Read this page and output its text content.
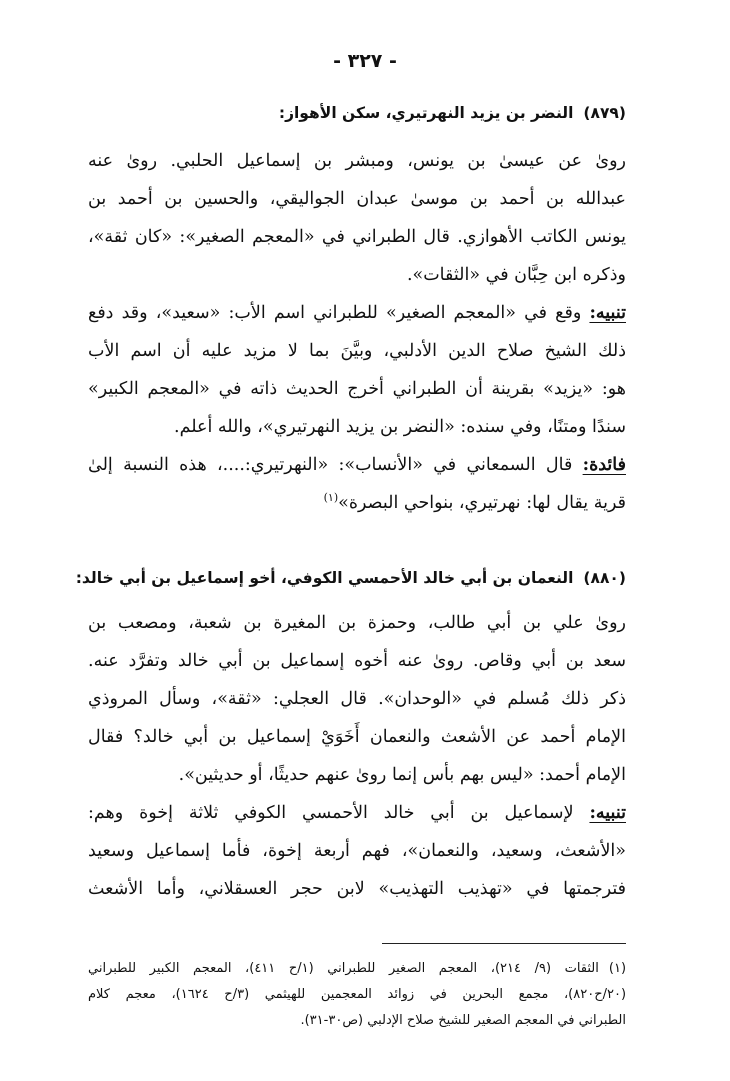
- ٣٢٧ -
(٨٧٩)النضر بن يزيد النهرتيري، سكن الأهواز:
روىٰ عن عيسىٰ بن يونس، ومبشر بن إسماعيل الحلبي. روىٰ عنه
عبدالله بن أحمد بن موسىٰ عبدان الجواليقي، والحسين بن أحمد بن
يونس الكاتب الأهوازي. قال الطبراني في «المعجم الصغير»: «كان ثقة»،
وذكره ابن حِبَّان في «الثقات».
تنبيه: وقع في «المعجم الصغير» للطبراني اسم الأب: «سعيد»، وقد دفع
ذلك الشيخ صلاح الدين الأدلبي، وبيَّنَ بما لا مزيد عليه أن اسم الأب
هو: «يزيد» بقرينة أن الطبراني أخرج الحديث ذاته في «المعجم الكبير»
سندًا ومتنًا، وفي سنده: «النضر بن يزيد النهرتيري»، والله أعلم.
فائدة: قال السمعاني في «الأنساب»: «النهرتيري:....، هذه النسبة إلىٰ
قرية يقال لها: نهرتيري، بنواحي البصرة»$^{(١)}$
(٨٨٠)النعمان بن أبي خالد الأحمسي الكوفي، أخو إسماعيل بن أبي خالد:
روىٰ علي بن أبي طالب، وحمزة بن المغيرة بن شعبة، ومصعب بن
سعد بن أبي وقاص. روىٰ عنه أخوه إسماعيل بن أبي خالد وتفرَّد عنه.
ذكر ذلك مُسلم في «الوحدان». قال العجلي: «ثقة»، وسأل المروذي
الإمام أحمد عن الأشعث والنعمان أَخَوَيْ إسماعيل بن أبي خالد؟ فقال
الإمام أحمد: «ليس بهم بأس إنما روىٰ عنهم حديثًا، أو حديثين».
تنبيه: لإسماعيل بن أبي خالد الأحمسي الكوفي ثلاثة إخوة وهم:
«الأشعث، وسعيد، والنعمان»، فهم أربعة إخوة، فأما إسماعيل وسعيد
فترجمتها في «تهذيب التهذيب» لابن حجر العسقلاني، وأما الأشعث
(١)الثقات (٩/ ٢١٤)، المعجم الصغير للطبراني (١/ح ٤١١)، المعجم الكبير للطبراني
(٢٠/ح٨٢٠)، مجمع البحرين في زوائد المعجمين للهيثمي (٣/ح ١٦٢٤)، معجم كلام
الطبراني في المعجم الصغير للشيخ صلاح الإدلبي (ص٣٠-٣١).
